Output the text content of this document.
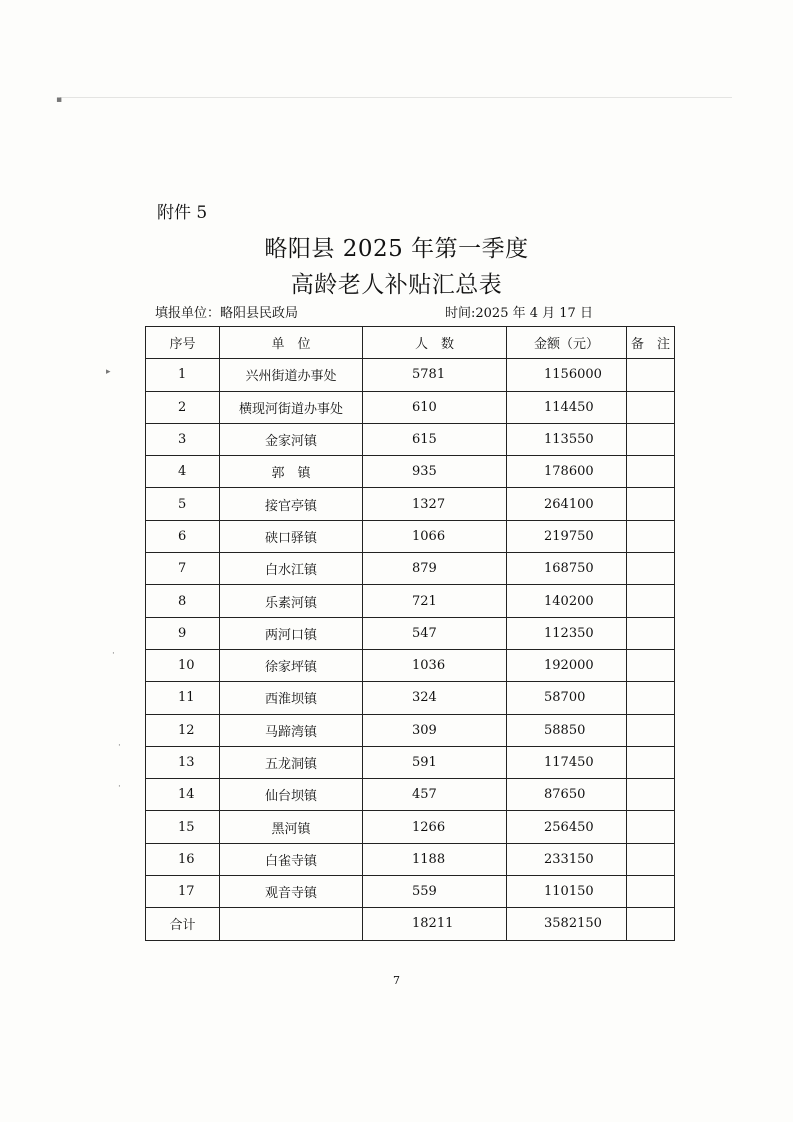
▪
▸
·
·
·
附件 5
略阳县 2025 年第一季度
高龄老人补贴汇总表
填报单位：略阳县民政局	时间:2025 年 4 月 17 日
序号	单　位	人　数	金额（元）	备　注
1	兴州街道办事处	5781	1156000	
2	横现河街道办事处	610	114450	
3	金家河镇	615	113550	
4	郭　镇	935	178600	
5	接官亭镇	1327	264100	
6	硖口驿镇	1066	219750	
7	白水江镇	879	168750	
8	乐素河镇	721	140200	
9	两河口镇	547	112350	
10	徐家坪镇	1036	192000	
11	西淮坝镇	324	58700	
12	马蹄湾镇	309	58850	
13	五龙洞镇	591	117450	
14	仙台坝镇	457	87650	
15	黑河镇	1266	256450	
16	白雀寺镇	1188	233150	
17	观音寺镇	559	110150	
合计		18211	3582150	
7
